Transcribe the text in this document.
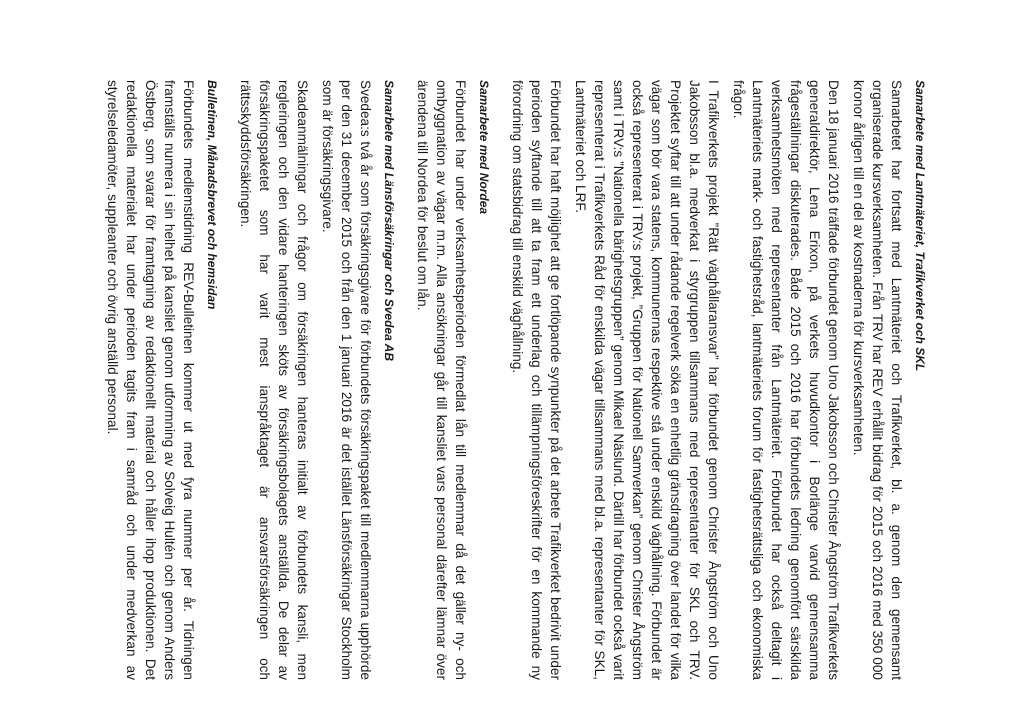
Samarbete med Lantmäteriet, Trafikverket och SKL

Samarbetet har fortsatt med Lantmäteriet och Trafikverket, bl. a. genom den gemensamt organiserade kursverksamheten. Från TRV har REV erhållit bidrag för 2015 och 2016 med 350 000 kronor årligen till en del av kostnaderna för kursverksamheten.

Den 18 januari 2016 träffade förbundet genom Uno Jakobsson och Christer Ångström Trafikverkets generaldirektör, Lena Erixon, på verkets huvudkontor i Borlänge varvid gemensamma frågeställningar diskuterades. Både 2015 och 2016 har förbundets ledning genomfört särskilda verksamhetsmöten med representanter från Lantmäteriet. Förbundet har också deltagit i Lantmäteriets mark- och fastighetsråd, lantmäteriets forum för fastighetsrättsliga och ekonomiska frågor.

I Trafikverkets projekt ”Rätt väghållaransvar” har förbundet genom Christer Ångström och Uno Jakobsson bl.a. medverkat i styrgruppen tillsammans med representanter för SKL och TRV. Projektet syftar till att under rådande regelverk söka en enhetlig gränsdragning över landet för vilka vägar som bör vara statens, kommunernas respektive stå under enskild väghållning. Förbundet är också representerat i TRV:s projekt, ”Gruppen för Nationell Samverkan” genom Christer Ångström samt i TRV:s ”Nationella bärighetsgruppen” genom Mikael Näslund. Därtill har förbundet också varit representerat i Trafikverkets Råd för enskilda vägar tillsammans med bl.a. representanter för SKL, Lantmäteriet och LRF.

Förbundet har haft möjlighet att ge fortlöpande synpunkter på det arbete Trafikverket bedrivit under perioden syftande till att ta fram ett underlag och tillämpningsföreskrifter för en kommande ny förordning om statsbidrag till enskild väghållning.

Samarbete med Nordea

Förbundet har under verksamhetsperioden förmedlat lån till medlemmar då det gäller ny- och ombyggnation av vägar m.m. Alla ansökningar går till kansliet vars personal därefter lämnar över ärendena till Nordea för beslut om lån.

Samarbete med Länsförsäkringar och Svedea AB

Svedea:s två år som försäkringsgivare för förbundets försäkringspaket till medlemmarna upphörde per den 31 december 2015 och från den 1 januari 2016 är det istället Länsförsäkringar Stockholm som är försäkringsgivare.

Skadeanmälningar och frågor om försäkringen hanteras initialt av förbundets kansli, men regleringen och den vidare hanteringen sköts av försäkringsbolagets anställda. De delar av försäkringspaketet som har varit mest ianspråktaget är ansvarsförsäkringen och rättsskyddsförsäkringen.

Bulletinen, Månadsbrevet och hemsidan

Förbundets medlemstidning REV-Bulletinen kommer ut med fyra nummer per år. Tidningen framställs numera i sin helhet på kansliet genom utformning av Solveig Hultén och genom Anders Östberg, som svarar för framtagning av redaktionellt material och håller ihop produktionen. Det redaktionella materialet har under perioden tagits fram i samråd och under medverkan av styrelseledamöter, suppleanter och övrig anställd personal.
